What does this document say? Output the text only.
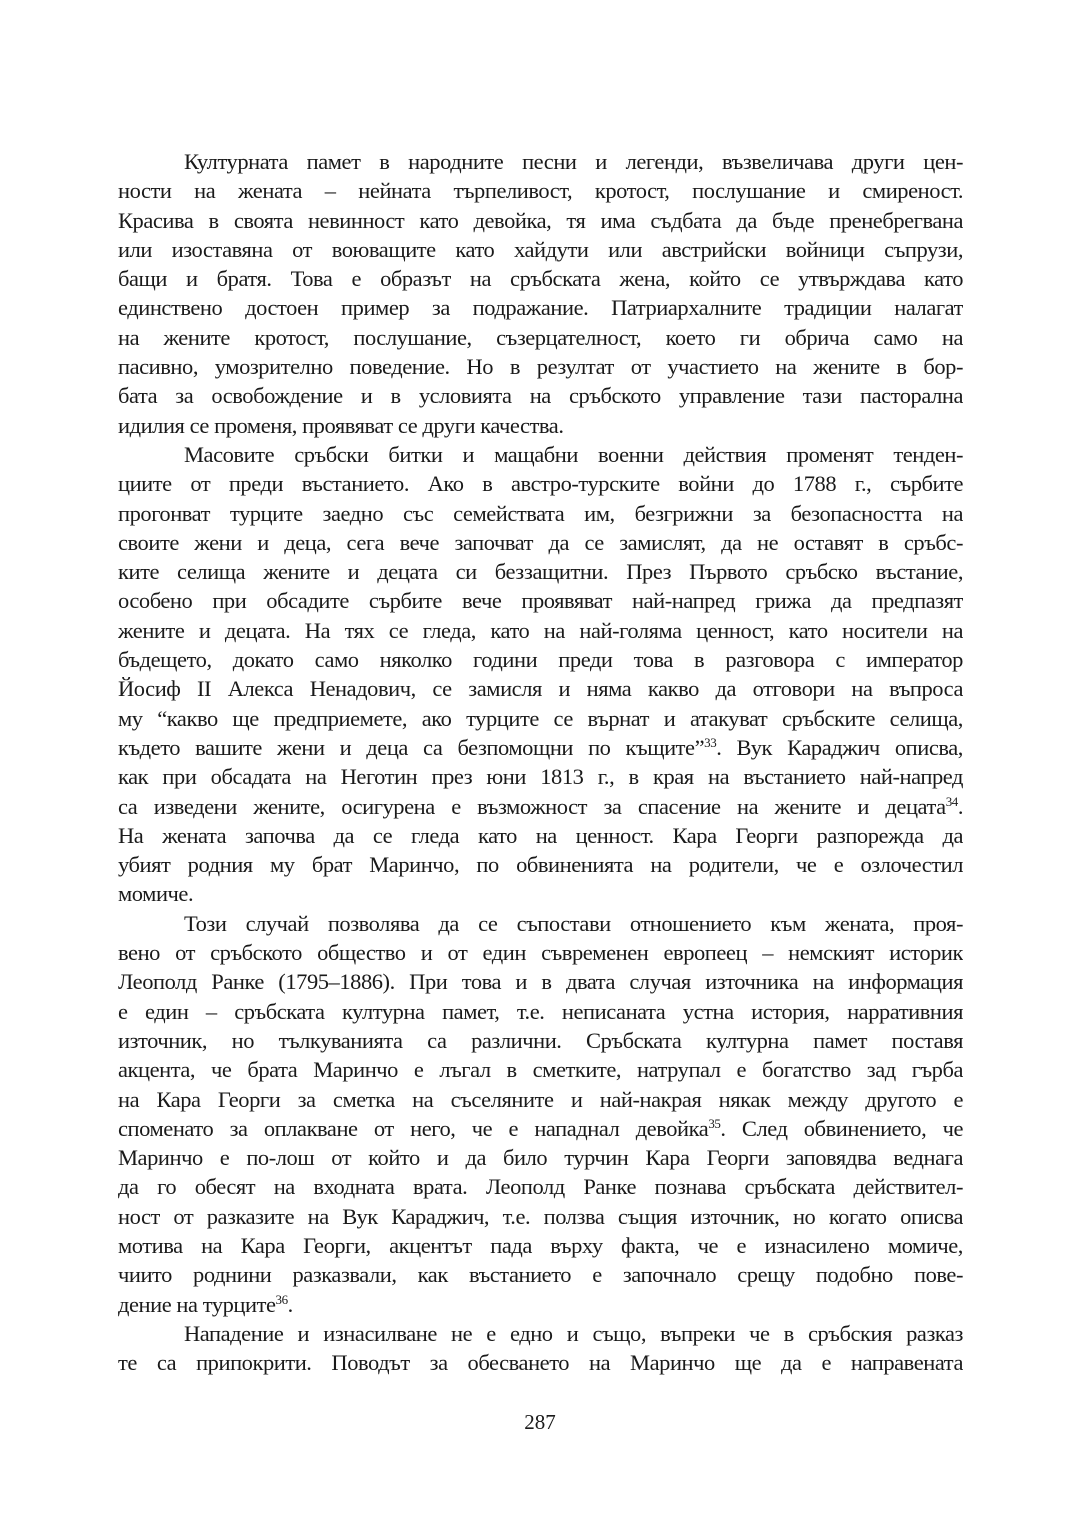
Културната памет в народните песни и легенди, възвеличава други цен-
ности на жената – нейната търпеливост, кротост, послушание и смиреност.
Красива в своята невинност като девойка, тя има съдбата да бъде пренебрегвана
или изоставяна от воюващите като хайдути или австрийски войници съпрузи,
бащи и братя. Това е образът на сръбската жена, който се утвърждава като
единствено достоен пример за подражание. Патриархалните традиции налагат
на жените кротост, послушание, съзерцателност, което ги обрича само на
пасивно, умозрително поведение. Но в резултат от участието на жените в бор-
бата за освобождение и в условията на сръбското управление тази пасторална
идилия се променя, проявяват се други качества.
Масовите сръбски битки и мащабни военни действия променят тенден-
циите от преди въстанието. Ако в австро-турските войни до 1788 г., сърбите
прогонват турците заедно със семействата им, безгрижни за безопасността на
своите жени и деца, сега вече започват да се замислят, да не оставят в сръбс-
ките селища жените и децата си беззащитни. През Първото сръбско въстание,
особено при обсадите сърбите вече проявяват най-напред грижа да предпазят
жените и децата. На тях се гледа, като на най-голяма ценност, като носители на
бъдещето, докато само няколко години преди това в разговора с император
Йосиф II Алекса Ненадович, се замисля и няма какво да отговори на въпроса
му “какво ще предприемете, ако турците се върнат и атакуват сръбските селища,
където вашите жени и деца са безпомощни по къщите”$^{33}$. Вук Караджич описва,
как при обсадата на Неготин през юни 1813 г., в края на въстанието най-напред
са изведени жените, осигурена е възможност за спасение на жените и децата$^{34}$.
На жената започва да се гледа като на ценност. Кара Георги разпорежда да
убият родния му брат Маринчо, по обвиненията на родители, че е озлочестил
момиче.
Този случай позволява да се съпостави отношението към жената, проя-
вено от сръбското общество и от един съвременен европеец – немският историк
Леополд Ранке (1795–1886). При това и в двата случая източника на информация
е един – сръбската културна памет, т.е. неписаната устна история, нарративния
източник, но тълкуванията са различни. Сръбската културна памет поставя
акцента, че брата Маринчо е лъгал в сметките, натрупал е богатство зад гърба
на Кара Георги за сметка на съселяните и най-накрая някак между другото е
споменато за оплакване от него, че е нападнал девойка$^{35}$. След обвинението, че
Маринчо е по-лош от който и да било турчин Кара Георги заповядва веднага
да го обесят на входната врата. Леополд Ранке познава сръбската действител-
ност от разказите на Вук Караджич, т.е. ползва същия източник, но когато описва
мотива на Кара Георги, акцентът пада върху факта, че е изнасилено момиче,
чиито роднини разказвали, как въстанието е започнало срещу подобно пове-
дение на турците$^{36}$.
Нападение и изнасилване не е едно и също, въпреки че в сръбския разказ
те са припокрити. Поводът за обесването на Маринчо ще да е направената
287
